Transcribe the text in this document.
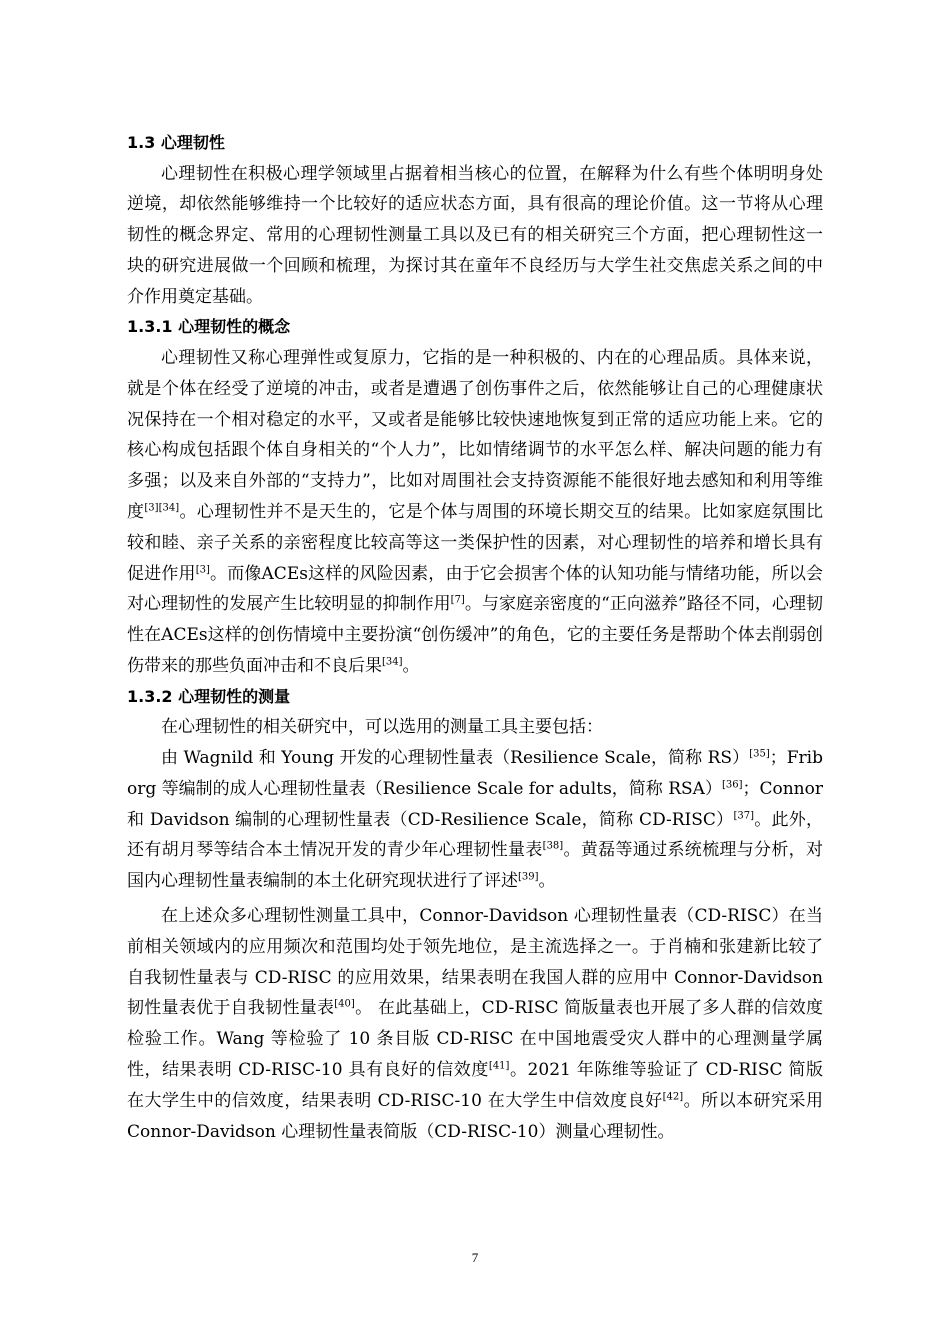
1.3 心理韧性

心理韧性在积极心理学领域里占据着相当核心的位置，在解释为什么有些个体明明身处逆境，却依然能够维持一个比较好的适应状态方面，具有很高的理论价值。这一节将从心理韧性的概念界定、常用的心理韧性测量工具以及已有的相关研究三个方面，把心理韧性这一块的研究进展做一个回顾和梳理，为探讨其在童年不良经历与大学生社交焦虑关系之间的中介作用奠定基础。

1.3.1 心理韧性的概念

心理韧性又称心理弹性或复原力，它指的是一种积极的、内在的心理品质。具体来说，就是个体在经受了逆境的冲击，或者是遭遇了创伤事件之后，依然能够让自己的心理健康状况保持在一个相对稳定的水平，又或者是能够比较快速地恢复到正常的适应功能上来。它的核心构成包括跟个体自身相关的“个人力”，比如情绪调节的水平怎么样、解决问题的能力有多强；以及来自外部的“支持力”，比如对周围社会支持资源能不能很好地去感知和利用等维度[3][34]。心理韧性并不是天生的，它是个体与周围的环境长期交互的结果。比如家庭氛围比较和睦、亲子关系的亲密程度比较高等这一类保护性的因素，对心理韧性的培养和增长具有促进作用[3]。而像ACEs这样的风险因素，由于它会损害个体的认知功能与情绪功能，所以会对心理韧性的发展产生比较明显的抑制作用[7]。与家庭亲密度的“正向滋养”路径不同，心理韧性在ACEs这样的创伤情境中主要扮演“创伤缓冲”的角色，它的主要任务是帮助个体去削弱创伤带来的那些负面冲击和不良后果[34]。

1.3.2 心理韧性的测量

在心理韧性的相关研究中，可以选用的测量工具主要包括：

由 Wagnild 和 Young 开发的心理韧性量表（Resilience Scale，简称 RS）[35]；Friborg 等编制的成人心理韧性量表（Resilience Scale for adults，简称 RSA）[36]；Connor 和 Davidson 编制的心理韧性量表（CD-Resilience Scale，简称 CD-RISC）[37]。此外，还有胡月琴等结合本土情况开发的青少年心理韧性量表[38]。黄磊等通过系统梳理与分析，对国内心理韧性量表编制的本土化研究现状进行了评述[39]。

在上述众多心理韧性测量工具中，Connor-Davidson 心理韧性量表（CD-RISC）在当前相关领域内的应用频次和范围均处于领先地位，是主流选择之一。于肖楠和张建新比较了自我韧性量表与 CD-RISC 的应用效果，结果表明在我国人群的应用中 Connor-Davidson 韧性量表优于自我韧性量表[40]。 在此基础上，CD-RISC 简版量表也开展了多人群的信效度检验工作。Wang 等检验了 10 条目版 CD-RISC 在中国地震受灾人群中的心理测量学属性，结果表明 CD-RISC-10 具有良好的信效度[41]。2021 年陈维等验证了 CD-RISC 简版在大学生中的信效度，结果表明 CD-RISC-10 在大学生中信效度良好[42]。所以本研究采用 Connor-Davidson 心理韧性量表简版（CD-RISC-10）测量心理韧性。

7
